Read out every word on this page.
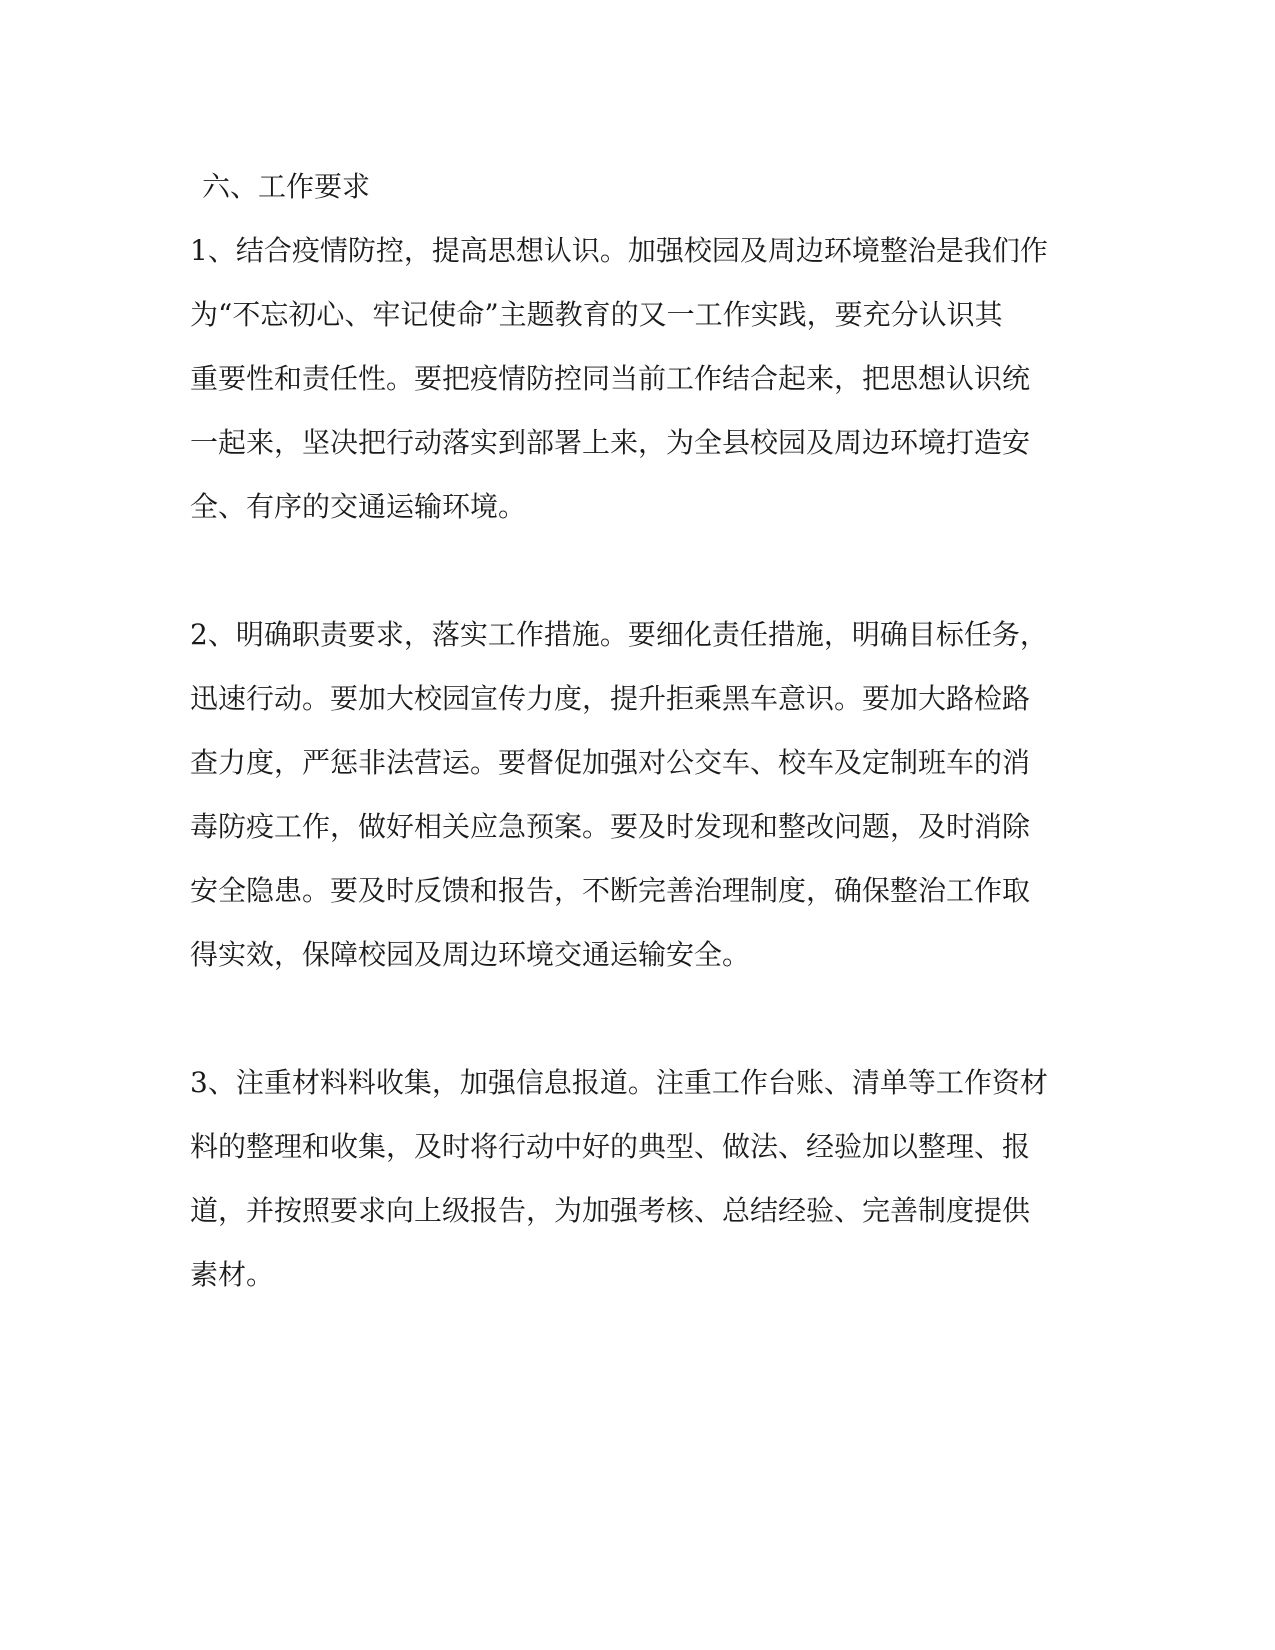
六、工作要求
1、结合疫情防控，提高思想认识。加强校园及周边环境整治是我们作
为“不忘初心、牢记使命”主题教育的又一工作实践，要充分认识其
重要性和责任性。要把疫情防控同当前工作结合起来，把思想认识统
一起来，坚决把行动落实到部署上来，为全县校园及周边环境打造安
全、有序的交通运输环境。
2、明确职责要求，落实工作措施。要细化责任措施，明确目标任务，
迅速行动。要加大校园宣传力度，提升拒乘黑车意识。要加大路检路
查力度，严惩非法营运。要督促加强对公交车、校车及定制班车的消
毒防疫工作，做好相关应急预案。要及时发现和整改问题，及时消除
安全隐患。要及时反馈和报告，不断完善治理制度，确保整治工作取
得实效，保障校园及周边环境交通运输安全。
3、注重材料料收集，加强信息报道。注重工作台账、清单等工作资材
料的整理和收集，及时将行动中好的典型、做法、经验加以整理、报
道，并按照要求向上级报告，为加强考核、总结经验、完善制度提供
素材。
